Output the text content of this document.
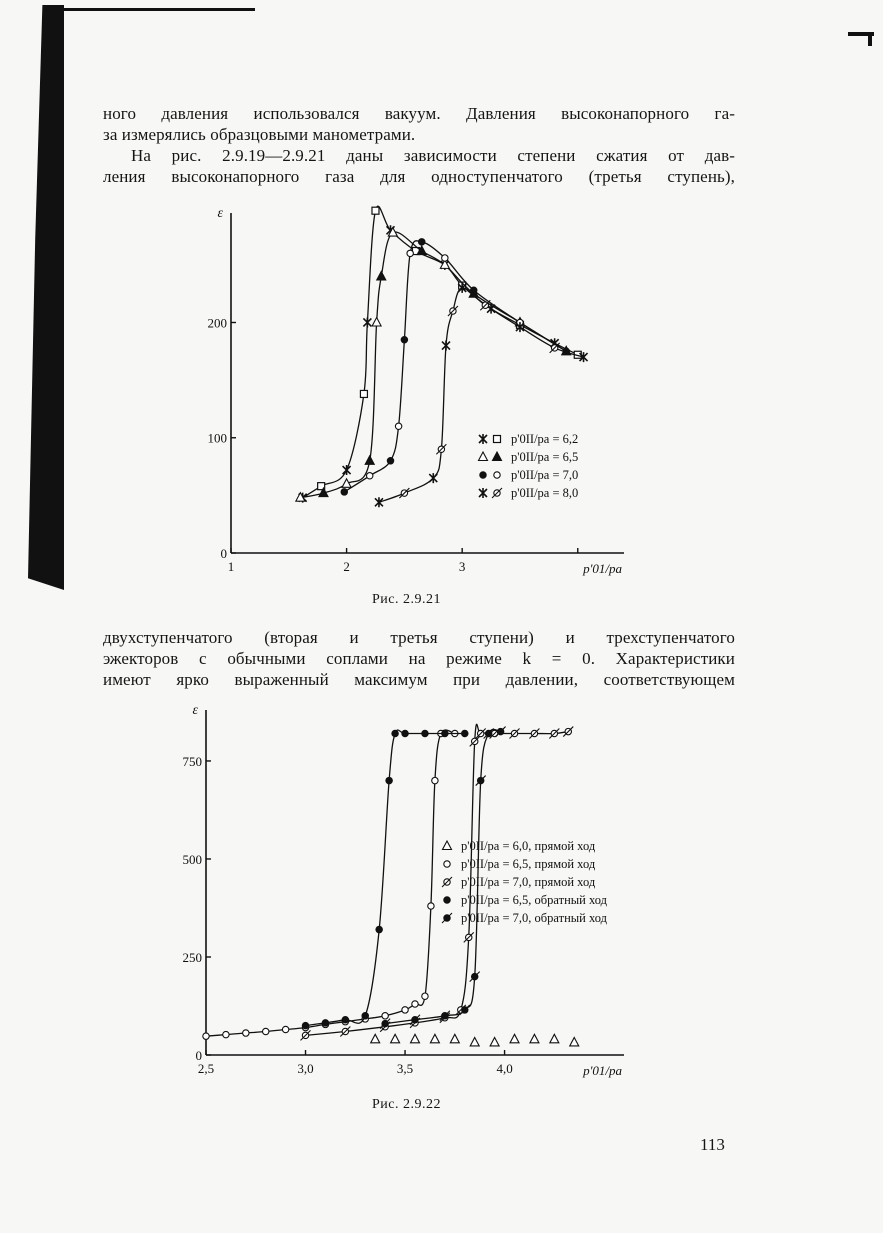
ного давления использовался вакуум. Давления высоконапорного га-
за измерялись образцовыми манометрами.
На рис. 2.9.19—2.9.21 даны зависимости степени сжатия от дав-
ления высоконапорного газа для одноступенчатого (третья ступень),
1	2	3
0
100
200
ε
p'01/pa
p'0II/pa = 6,2
p'0II/pa = 6,5
p'0II/pa = 7,0
p'0II/pa = 8,0
Рис. 2.9.21
двухступенчатого (вторая и третья ступени) и трехступенчатого
эжекторов с обычными соплами на режиме k = 0. Характеристики
имеют ярко выраженный максимум при давлении, соответствующем
2,5	3,0	3,5	4,0
0
250
500
750
ε
p'01/pa
p'0II/pa = 6,0, прямой ход
p'0II/pa = 6,5, прямой ход
p'0II/pa = 7,0, прямой ход
p'0II/pa = 6,5, обратный ход
p'0II/pa = 7,0, обратный ход
Рис. 2.9.22
113
